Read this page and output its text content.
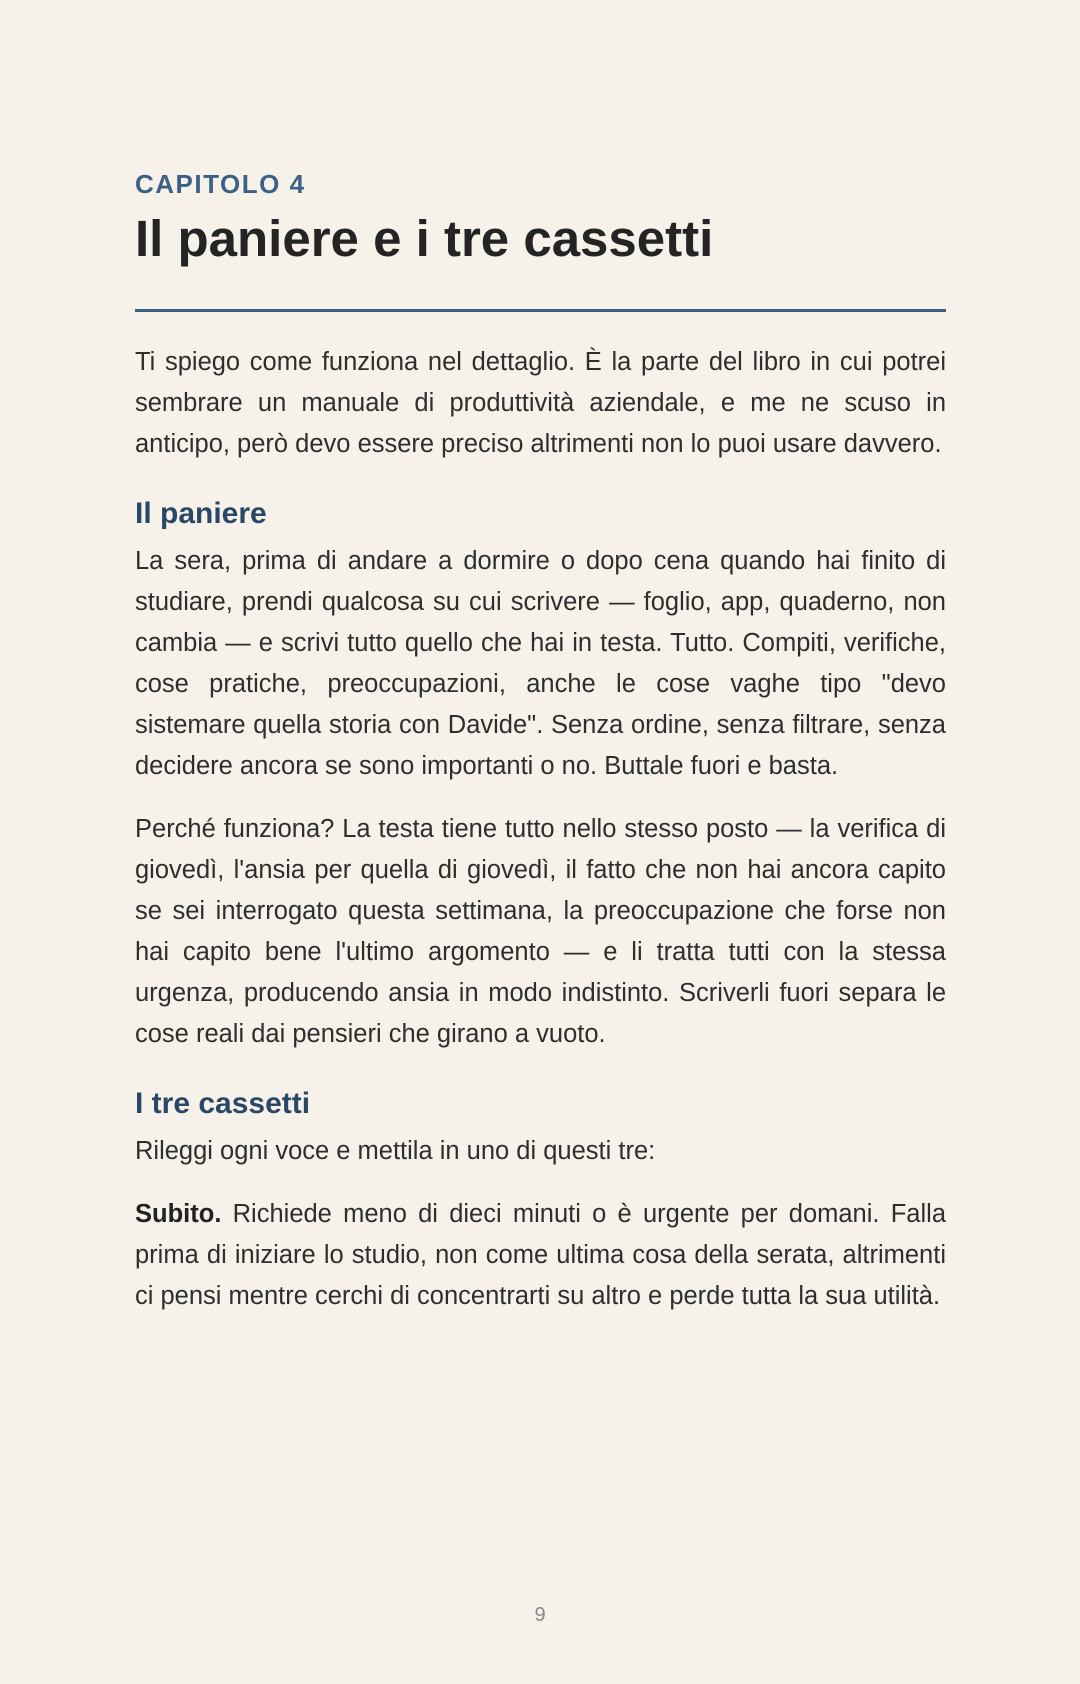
CAPITOLO 4
Il paniere e i tre cassetti

Ti spiego come funziona nel dettaglio. È la parte del libro in cui potrei sembrare un manuale di produttività aziendale, e me ne scuso in anticipo, però devo essere preciso altrimenti non lo puoi usare davvero.

Il paniere

La sera, prima di andare a dormire o dopo cena quando hai finito di studiare, prendi qualcosa su cui scrivere — foglio, app, quaderno, non cambia — e scrivi tutto quello che hai in testa. Tutto. Compiti, verifiche, cose pratiche, preoccupazioni, anche le cose vaghe tipo "devo sistemare quella storia con Davide". Senza ordine, senza filtrare, senza decidere ancora se sono importanti o no. Buttale fuori e basta.

Perché funziona? La testa tiene tutto nello stesso posto — la verifica di giovedì, l'ansia per quella di giovedì, il fatto che non hai ancora capito se sei interrogato questa settimana, la preoccupazione che forse non hai capito bene l'ultimo argomento — e li tratta tutti con la stessa urgenza, producendo ansia in modo indistinto. Scriverli fuori separa le cose reali dai pensieri che girano a vuoto.

I tre cassetti

Rileggi ogni voce e mettila in uno di questi tre:

Subito. Richiede meno di dieci minuti o è urgente per domani. Falla prima di iniziare lo studio, non come ultima cosa della serata, altrimenti ci pensi mentre cerchi di concentrarti su altro e perde tutta la sua utilità.

9
